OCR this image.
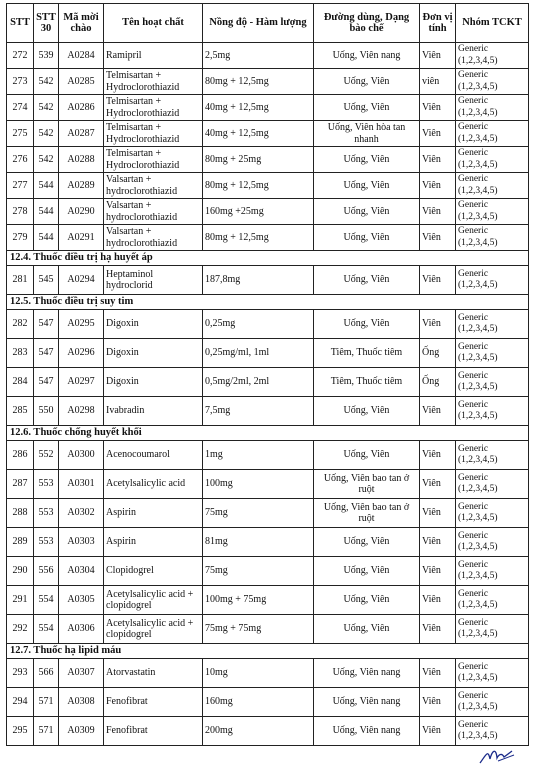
STT	STT 30	Mã mời chào	Tên hoạt chất	Nồng độ - Hàm lượng	Đường dùng, Dạng bào chế	Đơn vị tính	Nhóm TCKT
272	539	A0284	Ramipril	2,5mg	Uống, Viên nang	Viên	Generic (1,2,3,4,5)
273	542	A0285	Telmisartan + Hydroclorothiazid	80mg + 12,5mg	Uống, Viên	viên	Generic (1,2,3,4,5)
274	542	A0286	Telmisartan + Hydroclorothiazid	40mg + 12,5mg	Uống, Viên	Viên	Generic (1,2,3,4,5)
275	542	A0287	Telmisartan + Hydroclorothiazid	40mg + 12,5mg	Uống, Viên hòa tan nhanh	Viên	Generic (1,2,3,4,5)
276	542	A0288	Telmisartan + Hydroclorothiazid	80mg + 25mg	Uống, Viên	Viên	Generic (1,2,3,4,5)
277	544	A0289	Valsartan + hydroclorothiazid	80mg + 12,5mg	Uống, Viên	Viên	Generic (1,2,3,4,5)
278	544	A0290	Valsartan + hydroclorothiazid	160mg +25mg	Uống, Viên	Viên	Generic (1,2,3,4,5)
279	544	A0291	Valsartan + hydroclorothiazid	80mg + 12,5mg	Uống, Viên	Viên	Generic (1,2,3,4,5)
12.4. Thuốc điều trị hạ huyết áp							
281	545	A0294	Heptaminol hydroclorid	187,8mg	Uống, Viên	Viên	Generic (1,2,3,4,5)
12.5. Thuốc điều trị suy tim							
282	547	A0295	Digoxin	0,25mg	Uống, Viên	Viên	Generic (1,2,3,4,5)
283	547	A0296	Digoxin	0,25mg/ml, 1ml	Tiêm, Thuốc tiêm	Ống	Generic (1,2,3,4,5)
284	547	A0297	Digoxin	0,5mg/2ml, 2ml	Tiêm, Thuốc tiêm	Ống	Generic (1,2,3,4,5)
285	550	A0298	Ivabradin	7,5mg	Uống, Viên	Viên	Generic (1,2,3,4,5)
12.6. Thuốc chống huyết khối							
286	552	A0300	Acenocoumarol	1mg	Uống, Viên	Viên	Generic (1,2,3,4,5)
287	553	A0301	Acetylsalicylic acid	100mg	Uống, Viên bao tan ở ruột	Viên	Generic (1,2,3,4,5)
288	553	A0302	Aspirin	75mg	Uống, Viên bao tan ở ruột	Viên	Generic (1,2,3,4,5)
289	553	A0303	Aspirin	81mg	Uống, Viên	Viên	Generic (1,2,3,4,5)
290	556	A0304	Clopidogrel	75mg	Uống, Viên	Viên	Generic (1,2,3,4,5)
291	554	A0305	Acetylsalicylic acid + clopidogrel	100mg + 75mg	Uống, Viên	Viên	Generic (1,2,3,4,5)
292	554	A0306	Acetylsalicylic acid + clopidogrel	75mg + 75mg	Uống, Viên	Viên	Generic (1,2,3,4,5)
12.7. Thuốc hạ lipid máu							
293	566	A0307	Atorvastatin	10mg	Uống, Viên nang	Viên	Generic (1,2,3,4,5)
294	571	A0308	Fenofibrat	160mg	Uống, Viên nang	Viên	Generic (1,2,3,4,5)
295	571	A0309	Fenofibrat	200mg	Uống, Viên nang	Viên	Generic (1,2,3,4,5)
